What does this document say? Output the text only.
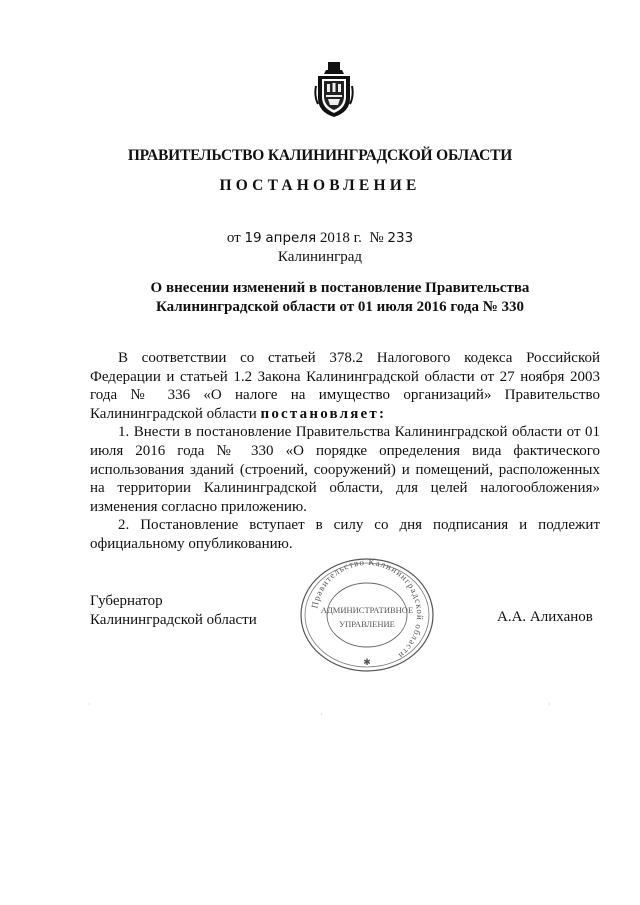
ПРАВИТЕЛЬСТВО КАЛИНИНГРАДСКОЙ ОБЛАСТИ
ПОСТАНОВЛЕНИЕ
от 19 апреля 2018 г. № 233
Калининград
О внесении изменений в постановление Правительства
Калининградской области от 01 июля 2016 года № 330

В соответствии со статьей 378.2 Налогового кодекса Российской Федерации и статьей 1.2 Закона Калининградской области от 27 ноября 2003 года № 336 «О налоге на имущество организаций» Правительство Калининградской области постановляет:

1. Внести в постановление Правительства Калининградской области от 01 июля 2016 года № 330 «О порядке определения вида фактического использования зданий (строений, сооружений) и помещений, расположенных на территории Калининградской области, для целей налогообложения» изменения согласно приложению.

2. Постановление вступает в силу со дня подписания и подлежит официальному опубликованию.

Губернатор
Калининградской области	А.А. Алиханов
Правительство Калининградской области
АДМИНИСТРАТИВНОЕ
УПРАВЛЕНИЕ
✱
·
·
·
